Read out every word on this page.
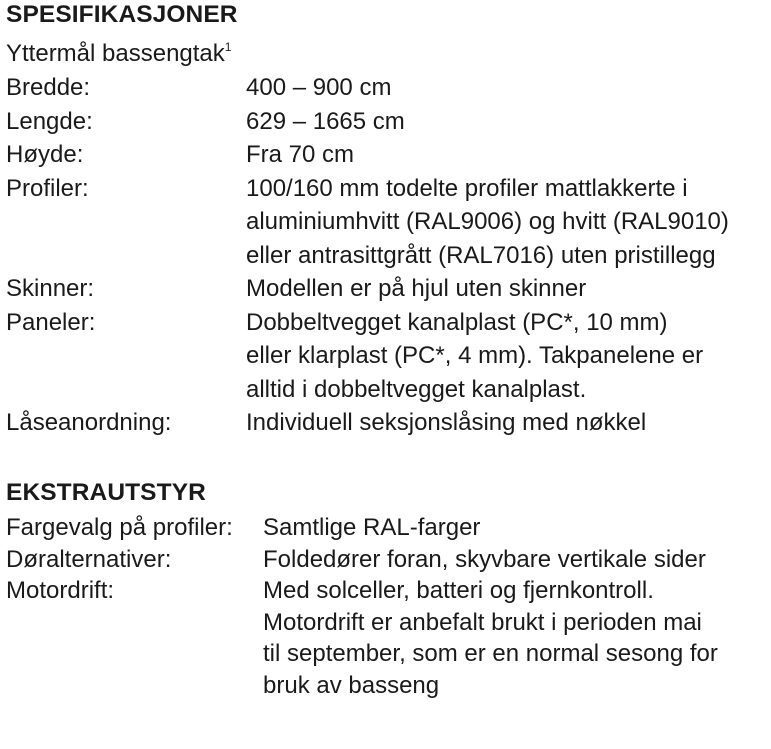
SPESIFIKASJONER
Yttermål bassengtak$^1$
Bredde:	400 – 900 cm
Lengde:	629 – 1665 cm
Høyde:	Fra 70 cm
Profiler:	100/160 mm todelte profiler mattlakkerte i
aluminiumhvitt (RAL9006) og hvitt (RAL9010)
eller antrasittgrått (RAL7016) uten pristillegg
Skinner:	Modellen er på hjul uten skinner
Paneler:	Dobbeltvegget kanalplast (PC*, 10 mm)
eller klarplast (PC*, 4 mm). Takpanelene er
alltid i dobbeltvegget kanalplast.
Låseanordning:	Individuell seksjonslåsing med nøkkel
EKSTRAUTSTYR
Fargevalg på profiler:	Samtlige RAL-farger
Døralternativer:	Foldedører foran, skyvbare vertikale sider
Motordrift:	Med solceller, batteri og fjernkontroll.
Motordrift er anbefalt brukt i perioden mai
til september, som er en normal sesong for
bruk av basseng
